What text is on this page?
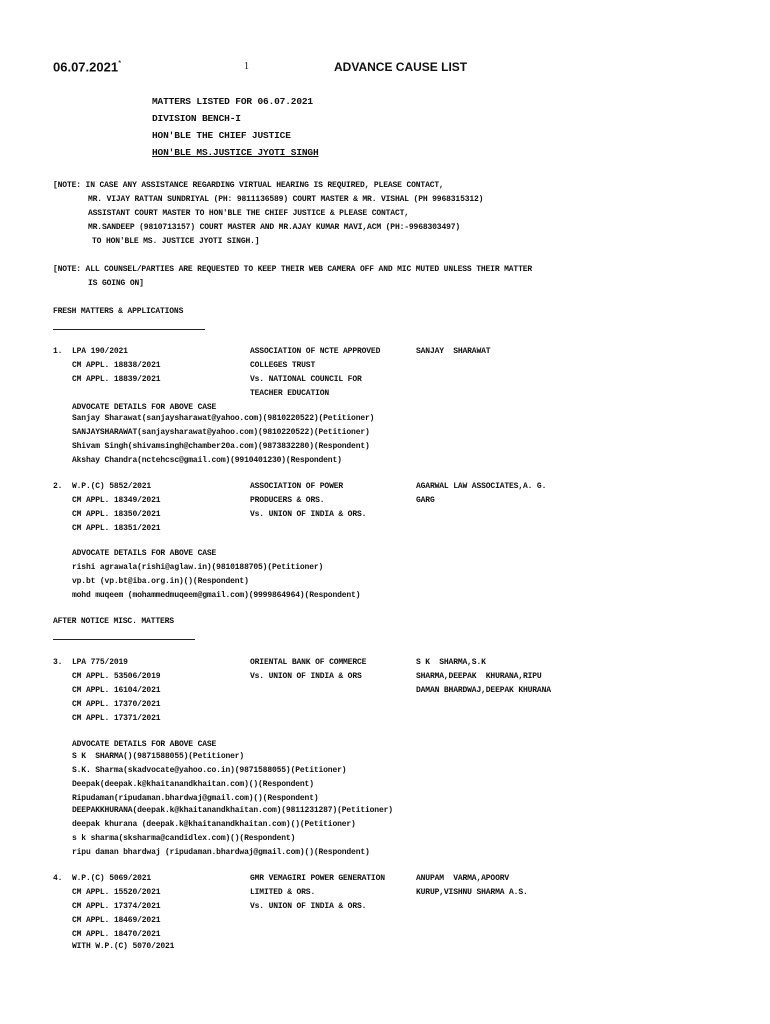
06.07.2021*	1	ADVANCE CAUSE LIST
MATTERS LISTED FOR 06.07.2021
DIVISION BENCH-I
HON'BLE THE CHIEF JUSTICE
HON'BLE MS.JUSTICE JYOTI SINGH
[NOTE: IN CASE ANY ASSISTANCE REGARDING VIRTUAL HEARING IS REQUIRED, PLEASE CONTACT,
MR. VIJAY RATTAN SUNDRIYAL (PH: 9811136589) COURT MASTER & MR. VISHAL (PH 9968315312)
ASSISTANT COURT MASTER TO HON'BLE THE CHIEF JUSTICE & PLEASE CONTACT,
MR.SANDEEP (9810713157) COURT MASTER AND MR.AJAY KUMAR MAVI,ACM (PH:-9968303497)
TO HON'BLE MS. JUSTICE JYOTI SINGH.]
[NOTE: ALL COUNSEL/PARTIES ARE REQUESTED TO KEEP THEIR WEB CAMERA OFF AND MIC MUTED UNLESS THEIR MATTER
IS GOING ON]
FRESH MATTERS & APPLICATIONS
1. LPA 190/2021
CM APPL. 18838/2021
CM APPL. 18839/2021
ASSOCIATION OF NCTE APPROVED
COLLEGES TRUST
Vs. NATIONAL COUNCIL FOR
TEACHER EDUCATION
SANJAY  SHARAWAT
ADVOCATE DETAILS FOR ABOVE CASE
Sanjay Sharawat(sanjaysharawat@yahoo.com)(9810220522)(Petitioner)
SANJAYSHARAWAT(sanjaysharawat@yahoo.com)(9810220522)(Petitioner)
Shivam Singh(shivamsingh@chamber20a.com)(9873832280)(Respondent)
Akshay Chandra(nctehcsc@gmail.com)(9910401230)(Respondent)
2. W.P.(C) 5852/2021
CM APPL. 18349/2021
CM APPL. 18350/2021
CM APPL. 18351/2021
ASSOCIATION OF POWER
PRODUCERS & ORS.
Vs. UNION OF INDIA & ORS.
AGARWAL LAW ASSOCIATES,A. G.
GARG
ADVOCATE DETAILS FOR ABOVE CASE
rishi agrawala(rishi@aglaw.in)(9810188705)(Petitioner)
vp.bt (vp.bt@iba.org.in)()(Respondent)
mohd muqeem (mohammedmuqeem@gmail.com)(9999864964)(Respondent)
AFTER NOTICE MISC. MATTERS
3. LPA 775/2019
CM APPL. 53506/2019
CM APPL. 16104/2021
CM APPL. 17370/2021
CM APPL. 17371/2021
ORIENTAL BANK OF COMMERCE
Vs. UNION OF INDIA & ORS
S K  SHARMA,S.K
SHARMA,DEEPAK  KHURANA,RIPU
DAMAN BHARDWAJ,DEEPAK KHURANA
ADVOCATE DETAILS FOR ABOVE CASE
S K  SHARMA()(9871588055)(Petitioner)
S.K. Sharma(skadvocate@yahoo.co.in)(9871588055)(Petitioner)
Deepak(deepak.k@khaitanandkhaitan.com)()(Respondent)
Ripudaman(ripudaman.bhardwaj@gmail.com)()(Respondent)
DEEPAKKHURANA(deepak.k@khaitanandkhaitan.com)(9811231287)(Petitioner)
deepak khurana (deepak.k@khaitanandkhaitan.com)()(Petitioner)
s k sharma(sksharma@candidlex.com)()(Respondent)
ripu daman bhardwaj (ripudaman.bhardwaj@gmail.com)()(Respondent)
4. W.P.(C) 5069/2021
CM APPL. 15520/2021
CM APPL. 17374/2021
CM APPL. 18469/2021
CM APPL. 18470/2021
WITH W.P.(C) 5070/2021
GMR VEMAGIRI POWER GENERATION
LIMITED & ORS.
Vs. UNION OF INDIA & ORS.
ANUPAM  VARMA,APOORV
KURUP,VISHNU SHARMA A.S.
